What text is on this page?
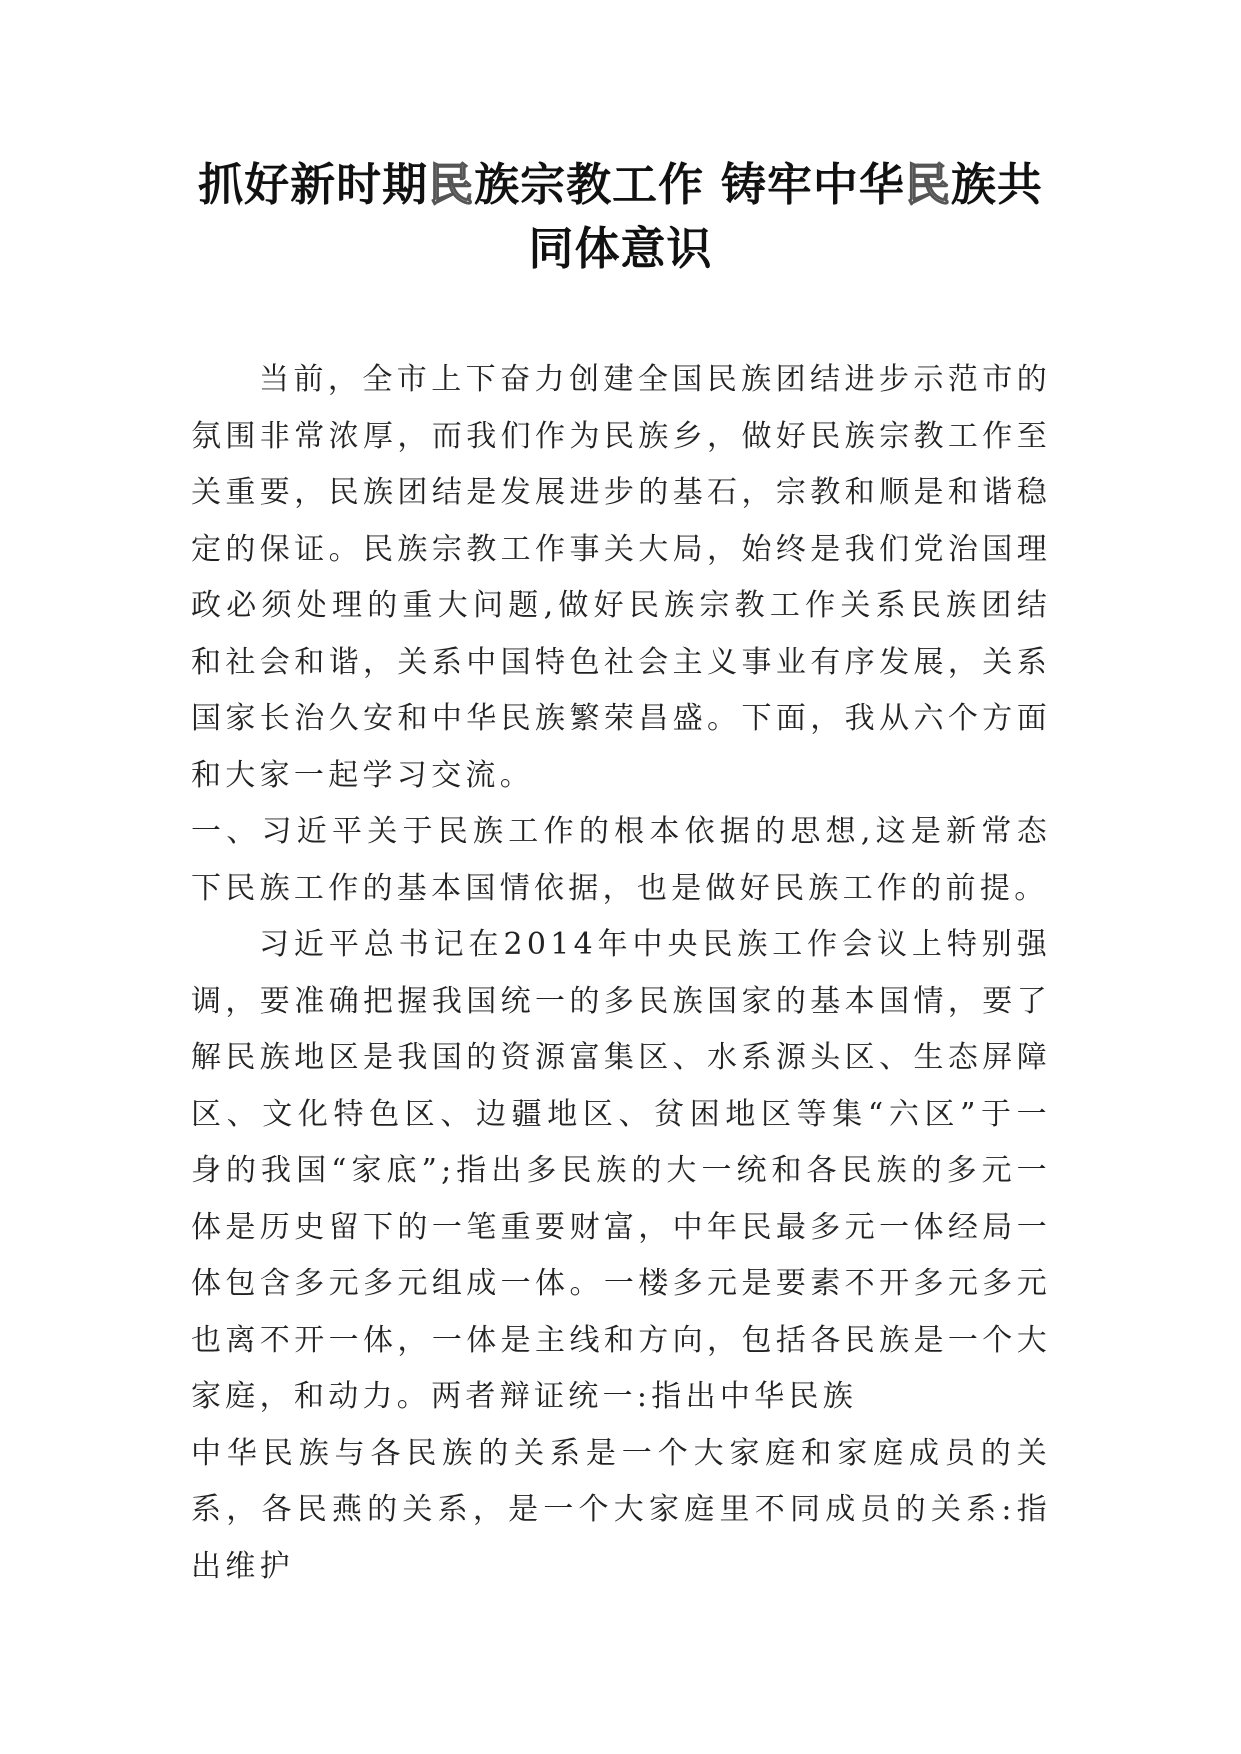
抓好新时期民族宗教工作 铸牢中华民族共
同体意识

当前，全市上下奋力创建全国民族团结进步示范市的氛围非常浓厚，而我们作为民族乡，做好民族宗教工作至关重要，民族团结是发展进步的基石，宗教和顺是和谐稳定的保证。民族宗教工作事关大局，始终是我们党治国理政必须处理的重大问题,做好民族宗教工作关系民族团结和社会和谐，关系中国特色社会主义事业有序发展，关系国家长治久安和中华民族繁荣昌盛。下面，我从六个方面和大家一起学习交流。

一、习近平关于民族工作的根本依据的思想,这是新常态下民族工作的基本国情依据，也是做好民族工作的前提。

习近平总书记在2014年中央民族工作会议上特别强调，要准确把握我国统一的多民族国家的基本国情，要了解民族地区是我国的资源富集区、水系源头区、生态屏障区、文化特色区、边疆地区、贫困地区等集“六区”于一身的我国“家底”;指出多民族的大一统和各民族的多元一体是历史留下的一笔重要财富，中年民最多元一体经局一体包含多元多元组成一体。一楼多元是要素不开多元多元也离不开一体，一体是主线和方向，包括各民族是一个大家庭，和动力。两者辩证统一:指出中华民族

中华民族与各民族的关系是一个大家庭和家庭成员的关系，各民燕的关系，是一个大家庭里不同成员的关系:指出维护
